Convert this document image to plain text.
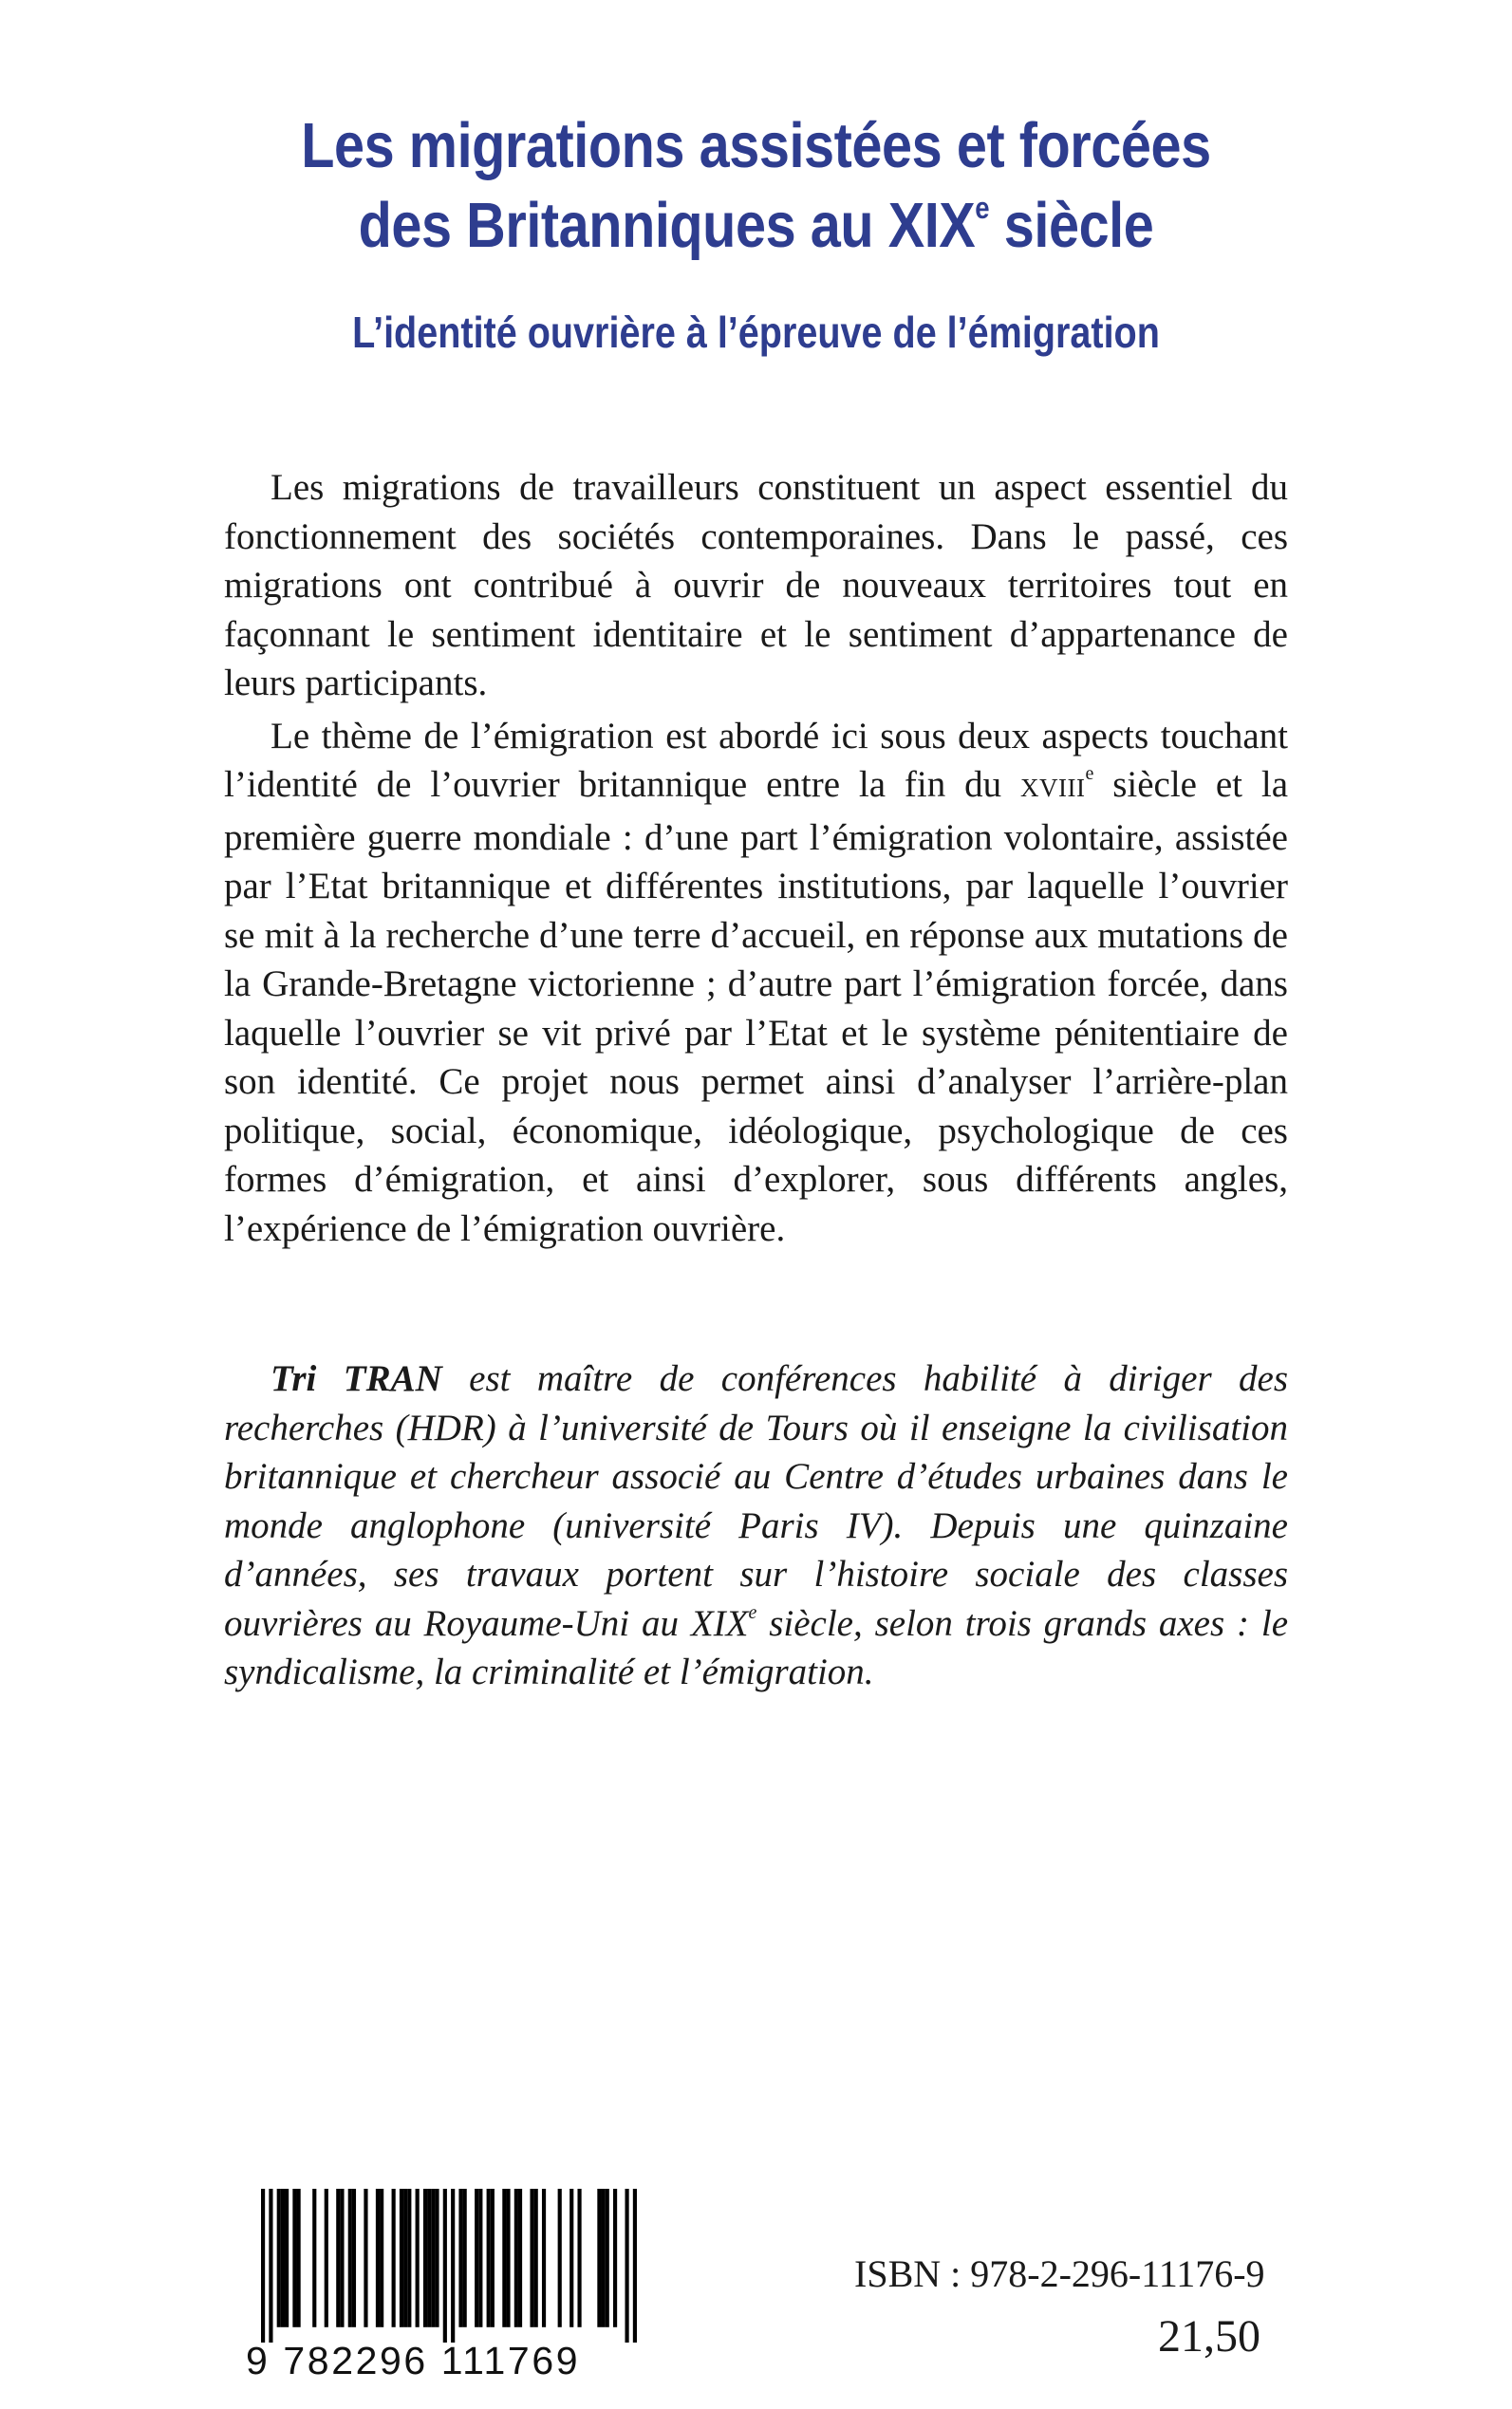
Les migrations assistées et forcées
des Britanniques au XIXe siècle
L’identité ouvrière à l’épreuve de l’émigration

Les migrations de travailleurs constituent un aspect essentiel du fonctionnement des sociétés contemporaines. Dans le passé, ces migrations ont contribué à ouvrir de nouveaux territoires tout en façonnant le sentiment identitaire et le sentiment d’appartenance de leurs participants.

Le thème de l’émigration est abordé ici sous deux aspects touchant l’identité de l’ouvrier britannique entre la fin du XVIIIe siècle et la première guerre mondiale : d’une part l’émigration volontaire, assistée par l’Etat britannique et différentes institutions, par laquelle l’ouvrier se mit à la recherche d’une terre d’accueil, en réponse aux mutations de la Grande-Bretagne victorienne ; d’autre part l’émigration forcée, dans laquelle l’ouvrier se vit privé par l’Etat et le système pénitentiaire de son identité. Ce projet nous permet ainsi d’analyser l’arrière-plan politique, social, économique, idéologique, psychologique de ces formes d’émigration, et ainsi d’explorer, sous différents angles, l’expérience de l’émigration ouvrière.

Tri TRAN est maître de conférences habilité à diriger des recherches (HDR) à l’université de Tours où il enseigne la civilisation britannique et chercheur associé au Centre d’études urbaines dans le monde anglophone (université Paris IV). Depuis une quinzaine d’années, ses travaux portent sur l’histoire sociale des classes ouvrières au Royaume-Uni au XIXe siècle, selon trois grands axes : le syndicalisme, la criminalité et l’émigration.

9 782296 111769
ISBN : 978-2-296-11176-9
21,50
